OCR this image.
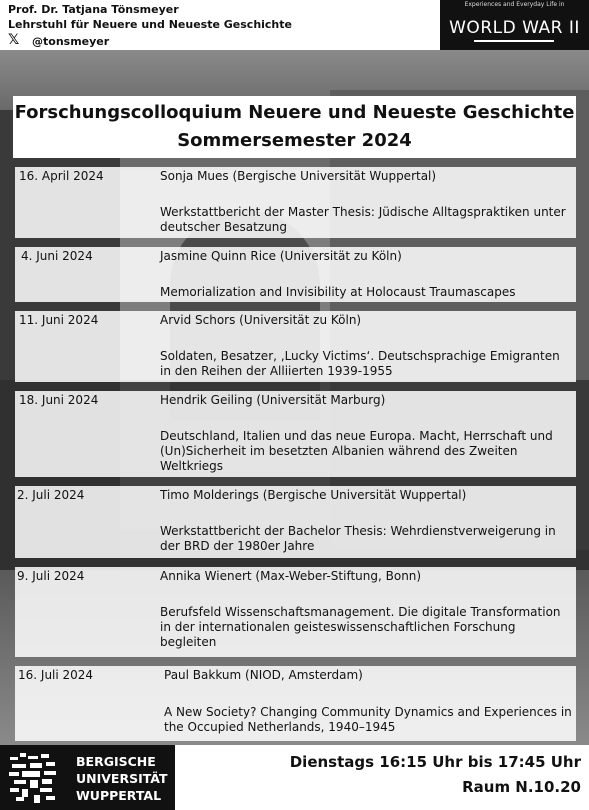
Prof. Dr. Tatjana Tönsmeyer
Lehrstuhl für Neuere und Neueste Geschichte
𝕏 @tonsmeyer
Experiences and Everyday Life in
WORLD WAR II
Forschungscolloquium Neuere und Neueste Geschichte
Sommersemester 2024
16. April 2024	Sonja Mues (Bergische Universität Wuppertal)
Werkstattbericht der Master Thesis: Jüdische Alltagspraktiken unter deutscher Besatzung
4. Juni 2024	Jasmine Quinn Rice (Universität zu Köln)
Memorialization and Invisibility at Holocaust Traumascapes
11. Juni 2024	Arvid Schors (Universität zu Köln)
Soldaten, Besatzer, ‚Lucky Victims‘. Deutschsprachige Emigranten in den Reihen der Alliierten 1939-1955
18. Juni 2024	Hendrik Geiling (Universität Marburg)
Deutschland, Italien und das neue Europa. Macht, Herrschaft und (Un)Sicherheit im besetzten Albanien während des Zweiten Weltkriegs
2. Juli 2024	Timo Molderings (Bergische Universität Wuppertal)
Werkstattbericht der Bachelor Thesis: Wehrdienstverweigerung in der BRD der 1980er Jahre
9. Juli 2024	Annika Wienert (Max-Weber-Stiftung, Bonn)
Berufsfeld Wissenschaftsmanagement. Die digitale Transformation in der internationalen geisteswissenschaftlichen Forschung begleiten
16. Juli 2024	Paul Bakkum (NIOD, Amsterdam)
A New Society? Changing Community Dynamics and Experiences in the Occupied Netherlands, 1940–1945
BERGISCHE
UNIVERSITÄT
WUPPERTAL
Dienstags 16:15 Uhr bis 17:45 Uhr
Raum N.10.20
